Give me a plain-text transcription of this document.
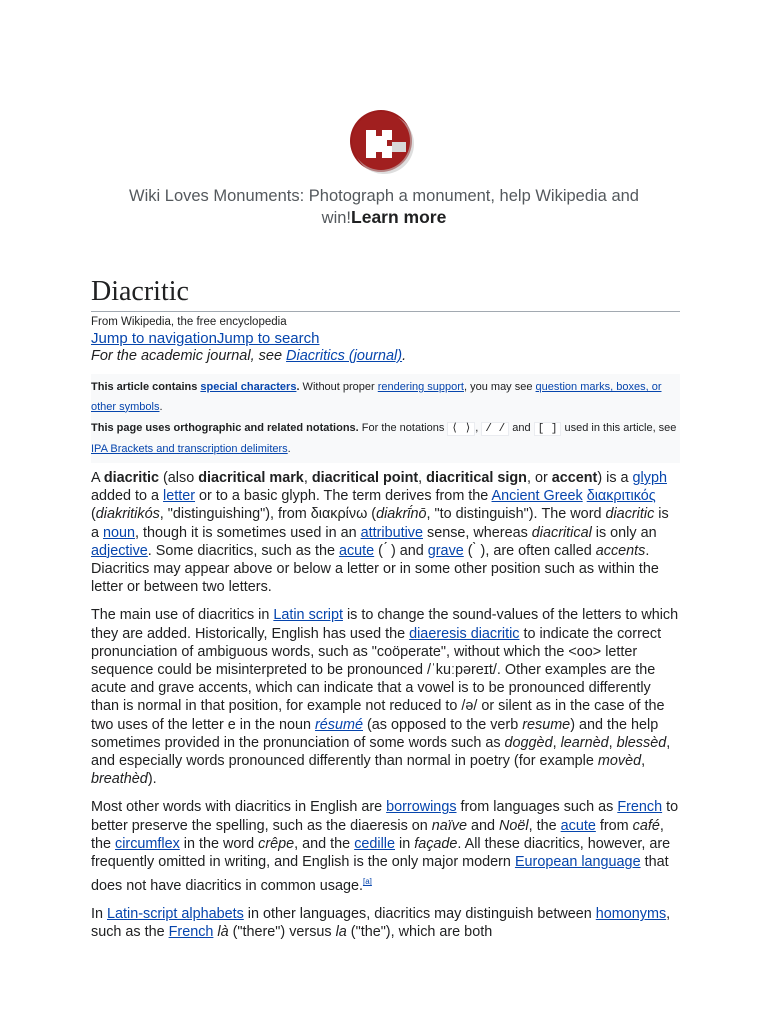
Wiki Loves Monuments: Photograph a monument, help Wikipedia and win!Learn more
Diacritic
From Wikipedia, the free encyclopedia
Jump to navigationJump to search
For the academic journal, see Diacritics (journal).

This article contains special characters. Without proper rendering support, you may see question marks, boxes, or other symbols.

This page uses orthographic and related notations. For the notations ⟨ ⟩ , / / and [ ] used in this article, see IPA Brackets and transcription delimiters.

A diacritic (also diacritical mark, diacritical point, diacritical sign, or accent) is a glyph added to a letter or to a basic glyph. The term derives from the Ancient Greek διακριτικός (diakritikós, "distinguishing"), from διακρίνω (diakrī́nō, "to distinguish"). The word diacritic is a noun, though it is sometimes used in an attributive sense, whereas diacritical is only an adjective. Some diacritics, such as the acute ( ́ ) and grave ( ̀ ), are often called accents. Diacritics may appear above or below a letter or in some other position such as within the letter or between two letters.

The main use of diacritics in Latin script is to change the sound-values of the letters to which they are added. Historically, English has used the diaeresis diacritic to indicate the correct pronunciation of ambiguous words, such as "coöperate", without which the <oo> letter sequence could be misinterpreted to be pronounced /ˈkuːpəreɪt/. Other examples are the acute and grave accents, which can indicate that a vowel is to be pronounced differently than is normal in that position, for example not reduced to /ə/ or silent as in the case of the two uses of the letter e in the noun résumé (as opposed to the verb resume) and the help sometimes provided in the pronunciation of some words such as doggèd, learnèd, blessèd, and especially words pronounced differently than normal in poetry (for example movèd, breathèd).

Most other words with diacritics in English are borrowings from languages such as French to better preserve the spelling, such as the diaeresis on naïve and Noël, the acute from café, the circumflex in the word crêpe, and the cedille in façade. All these diacritics, however, are frequently omitted in writing, and English is the only major modern European language that does not have diacritics in common usage.[a]

In Latin-script alphabets in other languages, diacritics may distinguish between homonyms, such as the French là ("there") versus la ("the"), which are both
